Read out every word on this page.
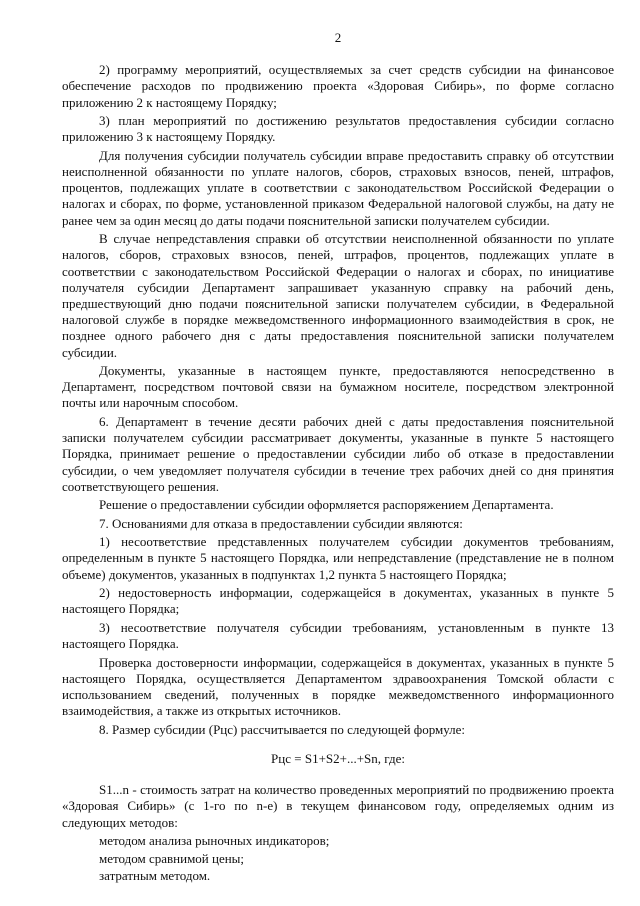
2

2) программу мероприятий, осуществляемых за счет средств субсидии на финансовое обеспечение расходов по продвижению проекта «Здоровая Сибирь», по форме согласно приложению 2 к настоящему Порядку;

3) план мероприятий по достижению результатов предоставления субсидии согласно приложению 3 к настоящему Порядку.

Для получения субсидии получатель субсидии вправе предоставить справку об отсутствии неисполненной обязанности по уплате налогов, сборов, страховых взносов, пеней, штрафов, процентов, подлежащих уплате в соответствии с законодательством Российской Федерации о налогах и сборах, по форме, установленной приказом Федеральной налоговой службы, на дату не ранее чем за один месяц до даты подачи пояснительной записки получателем субсидии.

В случае непредставления справки об отсутствии неисполненной обязанности по уплате налогов, сборов, страховых взносов, пеней, штрафов, процентов, подлежащих уплате в соответствии с законодательством Российской Федерации о налогах и сборах, по инициативе получателя субсидии Департамент запрашивает указанную справку на рабочий день, предшествующий дню подачи пояснительной записки получателем субсидии, в Федеральной налоговой службе в порядке межведомственного информационного взаимодействия в срок, не позднее одного рабочего дня с даты предоставления пояснительной записки получателем субсидии.

Документы, указанные в настоящем пункте, предоставляются непосредственно в Департамент, посредством почтовой связи на бумажном носителе, посредством электронной почты или нарочным способом.

6. Департамент в течение десяти рабочих дней с даты предоставления пояснительной записки получателем субсидии рассматривает документы, указанные в пункте 5 настоящего Порядка, принимает решение о предоставлении субсидии либо об отказе в предоставлении субсидии, о чем уведомляет получателя субсидии в течение трех рабочих дней со дня принятия соответствующего решения.

Решение о предоставлении субсидии оформляется распоряжением Департамента.

7. Основаниями для отказа в предоставлении субсидии являются:

1) несоответствие представленных получателем субсидии документов требованиям, определенным в пункте 5 настоящего Порядка, или непредставление (представление не в полном объеме) документов, указанных в подпунктах 1,2 пункта 5 настоящего Порядка;

2) недостоверность информации, содержащейся в документах, указанных в пункте 5 настоящего Порядка;

3) несоответствие получателя субсидии требованиям, установленным в пункте 13 настоящего Порядка.

Проверка достоверности информации, содержащейся в документах, указанных в пункте 5 настоящего Порядка, осуществляется Департаментом здравоохранения Томской области с использованием сведений, полученных в порядке межведомственного информационного взаимодействия, а также из открытых источников.

8. Размер субсидии (Рцс) рассчитывается по следующей формуле:

Рцс = S1+S2+...+Sn, где:

S1...n - стоимость затрат на количество проведенных мероприятий по продвижению проекта «Здоровая Сибирь» (с 1-го по n-е) в текущем финансовом году, определяемых одним из следующих методов:

методом анализа рыночных индикаторов;

методом сравнимой цены;

затратным методом.
